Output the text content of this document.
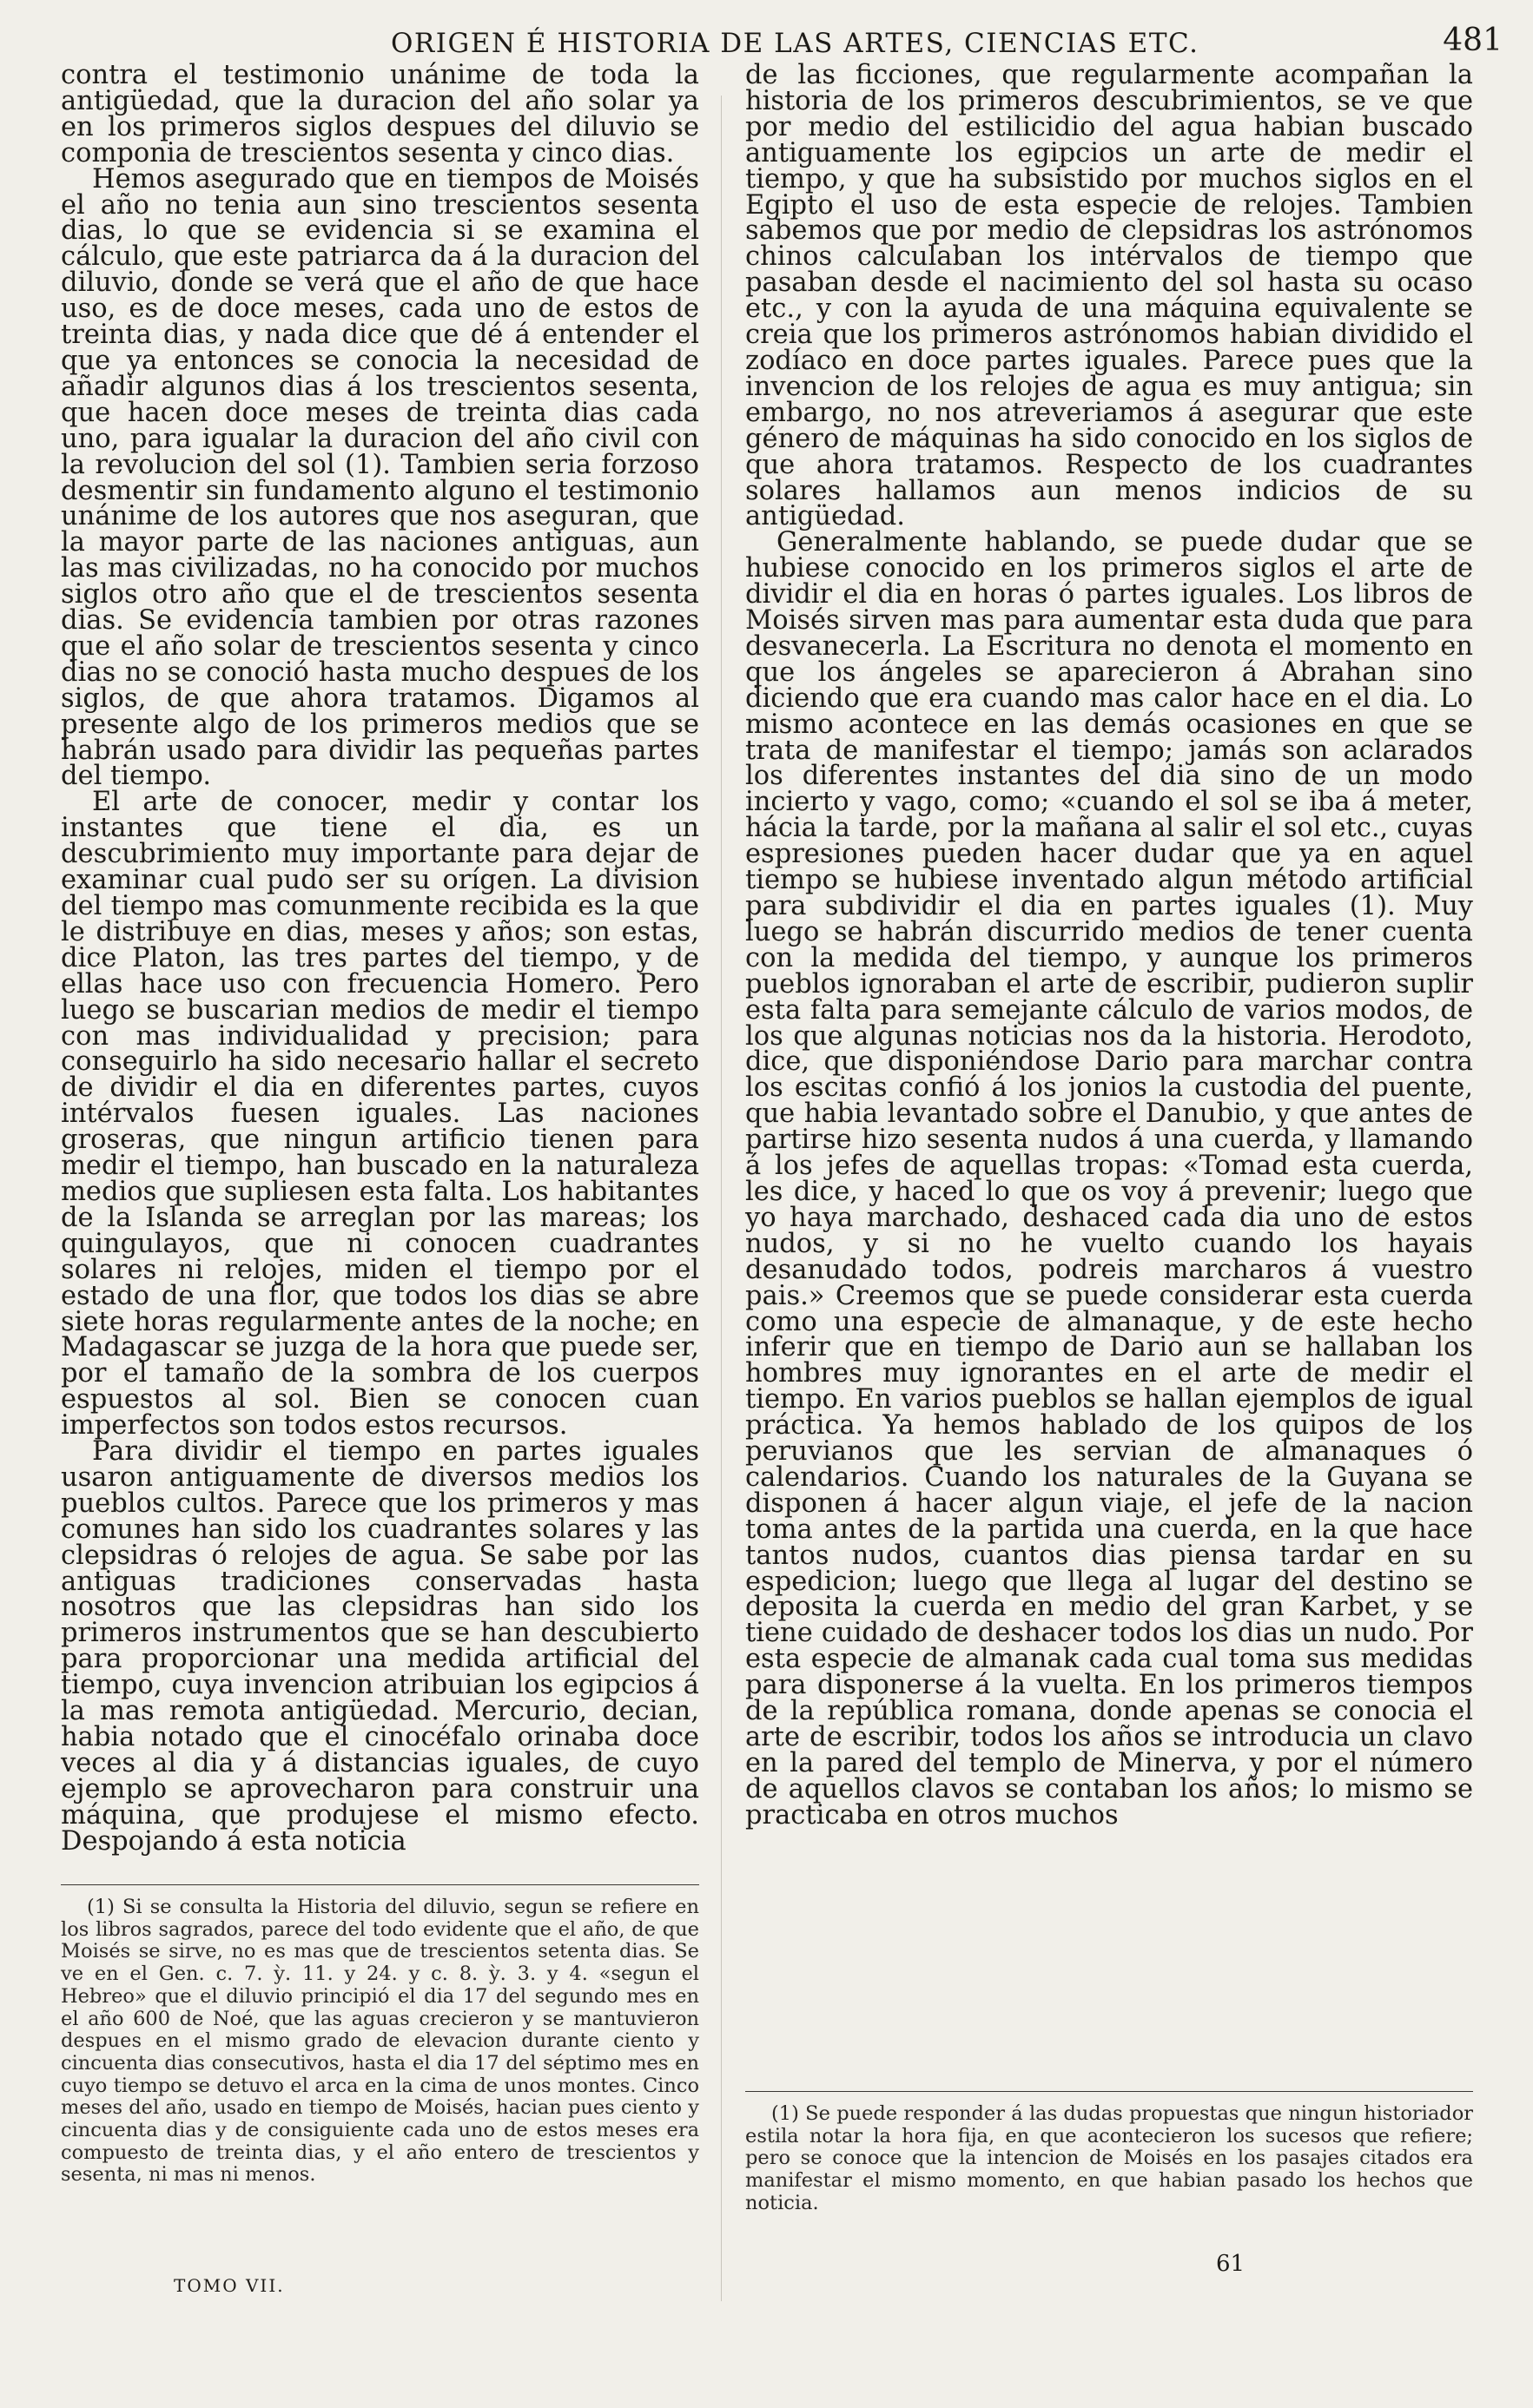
ORIGEN É HISTORIA DE LAS ARTES, CIENCIAS ETC.	481

contra el testimonio unánime de toda la antigüedad, que la duracion del año solar ya en los primeros siglos despues del diluvio se componia de trescientos sesenta y cinco dias.

Hemos asegurado que en tiempos de Moisés el año no tenia aun sino trescientos sesenta dias, lo que se evidencia si se examina el cálculo, que este patriarca da á la duracion del diluvio, donde se verá que el año de que hace uso, es de doce meses, cada uno de estos de treinta dias, y nada dice que dé á entender el que ya entonces se conocia la necesidad de añadir algunos dias á los trescientos sesenta, que hacen doce meses de treinta dias cada uno, para igualar la duracion del año civil con la revolucion del sol (1). Tambien seria forzoso desmentir sin fundamento alguno el testimonio unánime de los autores que nos aseguran, que la mayor parte de las naciones antiguas, aun las mas civilizadas, no ha conocido por muchos siglos otro año que el de trescientos sesenta dias. Se evidencia tambien por otras razones que el año solar de trescientos sesenta y cinco dias no se conoció hasta mucho despues de los siglos, de que ahora tratamos. Digamos al presente algo de los primeros medios que se habrán usado para dividir las pequeñas partes del tiempo.

El arte de conocer, medir y contar los instantes que tiene el dia, es un descubrimiento muy importante para dejar de examinar cual pudo ser su orígen. La division del tiempo mas comunmente recibida es la que le distribuye en dias, meses y años; son estas, dice Platon, las tres partes del tiempo, y de ellas hace uso con frecuencia Homero. Pero luego se buscarian medios de medir el tiempo con mas individualidad y precision; para conseguirlo ha sido necesario hallar el secreto de dividir el dia en diferentes partes, cuyos intérvalos fuesen iguales. Las naciones groseras, que ningun artificio tienen para medir el tiempo, han buscado en la naturaleza medios que supliesen esta falta. Los habitantes de la Islanda se arreglan por las mareas; los quingulayos, que ni conocen cuadrantes solares ni relojes, miden el tiempo por el estado de una flor, que todos los dias se abre siete horas regularmente antes de la noche; en Madagascar se juzga de la hora que puede ser, por el tamaño de la sombra de los cuerpos espuestos al sol. Bien se conocen cuan imperfectos son todos estos recursos.

Para dividir el tiempo en partes iguales usaron antiguamente de diversos medios los pueblos cultos. Parece que los primeros y mas comunes han sido los cuadrantes solares y las clepsidras ó relojes de agua. Se sabe por las antiguas tradiciones conservadas hasta nosotros que las clepsidras han sido los primeros instrumentos que se han descubierto para proporcionar una medida artificial del tiempo, cuya invencion atribuian los egipcios á la mas remota antigüedad. Mercurio, decian, habia notado que el cinocéfalo orinaba doce veces al dia y á distancias iguales, de cuyo ejemplo se aprovecharon para construir una máquina, que produjese el mismo efecto. Despojando á esta noticia

de las ficciones, que regularmente acompañan la historia de los primeros descubrimientos, se ve que por medio del estilicidio del agua habian buscado antiguamente los egipcios un arte de medir el tiempo, y que ha subsistido por muchos siglos en el Egipto el uso de esta especie de relojes. Tambien sabemos que por medio de clepsidras los astrónomos chinos calculaban los intérvalos de tiempo que pasaban desde el nacimiento del sol hasta su ocaso etc., y con la ayuda de una máquina equivalente se creia que los primeros astrónomos habian dividido el zodíaco en doce partes iguales. Parece pues que la invencion de los relojes de agua es muy antigua; sin embargo, no nos atreveriamos á asegurar que este género de máquinas ha sido conocido en los siglos de que ahora tratamos. Respecto de los cuadrantes solares hallamos aun menos indicios de su antigüedad.

Generalmente hablando, se puede dudar que se hubiese conocido en los primeros siglos el arte de dividir el dia en horas ó partes iguales. Los libros de Moisés sirven mas para aumentar esta duda que para desvanecerla. La Escritura no denota el momento en que los ángeles se aparecieron á Abrahan sino diciendo que era cuando mas calor hace en el dia. Lo mismo acontece en las demás ocasiones en que se trata de manifestar el tiempo; jamás son aclarados los diferentes instantes del dia sino de un modo incierto y vago, como; «cuando el sol se iba á meter, hácia la tarde, por la mañana al salir el sol etc., cuyas espresiones pueden hacer dudar que ya en aquel tiempo se hubiese inventado algun método artificial para subdividir el dia en partes iguales (1). Muy luego se habrán discurrido medios de tener cuenta con la medida del tiempo, y aunque los primeros pueblos ignoraban el arte de escribir, pudieron suplir esta falta para semejante cálculo de varios modos, de los que algunas noticias nos da la historia. Herodoto, dice, que disponiéndose Dario para marchar contra los escitas confió á los jonios la custodia del puente, que habia levantado sobre el Danubio, y que antes de partirse hizo sesenta nudos á una cuerda, y llamando á los jefes de aquellas tropas: «Tomad esta cuerda, les dice, y haced lo que os voy á prevenir; luego que yo haya marchado, deshaced cada dia uno de estos nudos, y si no he vuelto cuando los hayais desanudado todos, podreis marcharos á vuestro pais.» Creemos que se puede considerar esta cuerda como una especie de almanaque, y de este hecho inferir que en tiempo de Dario aun se hallaban los hombres muy ignorantes en el arte de medir el tiempo. En varios pueblos se hallan ejemplos de igual práctica. Ya hemos hablado de los quipos de los peruvianos que les servian de almanaques ó calendarios. Cuando los naturales de la Guyana se disponen á hacer algun viaje, el jefe de la nacion toma antes de la partida una cuerda, en la que hace tantos nudos, cuantos dias piensa tardar en su espedicion; luego que llega al lugar del destino se deposita la cuerda en medio del gran Karbet, y se tiene cuidado de deshacer todos los dias un nudo. Por esta especie de almanak cada cual toma sus medidas para disponerse á la vuelta. En los primeros tiempos de la república romana, donde apenas se conocia el arte de escribir, todos los años se introducia un clavo en la pared del templo de Minerva, y por el número de aquellos clavos se contaban los años; lo mismo se practicaba en otros muchos

(1) Si se consulta la Historia del diluvio, segun se refiere en los libros sagrados, parece del todo evidente que el año, de que Moisés se sirve, no es mas que de trescientos setenta dias. Se ve en el Gen. c. 7. ỳ. 11. y 24. y c. 8. ỳ. 3. y 4. «segun el Hebreo» que el diluvio principió el dia 17 del segundo mes en el año 600 de Noé, que las aguas crecieron y se mantuvieron despues en el mismo grado de elevacion durante ciento y cincuenta dias consecutivos, hasta el dia 17 del séptimo mes en cuyo tiempo se detuvo el arca en la cima de unos montes. Cinco meses del año, usado en tiempo de Moisés, hacian pues ciento y cincuenta dias y de consiguiente cada uno de estos meses era compuesto de treinta dias, y el año entero de trescientos y sesenta, ni mas ni menos.

(1) Se puede responder á las dudas propuestas que ningun historiador estila notar la hora fija, en que acontecieron los sucesos que refiere; pero se conoce que la intencion de Moisés en los pasajes citados era manifestar el mismo momento, en que habian pasado los hechos que noticia.

TOMO VII.
61
